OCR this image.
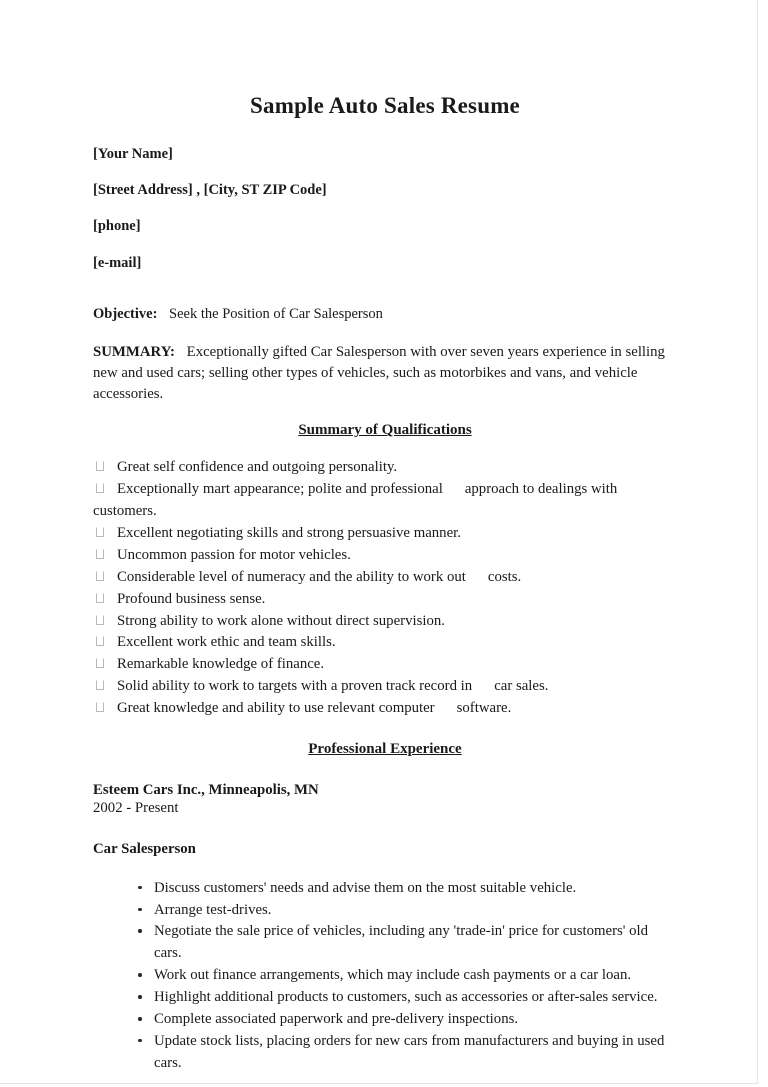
Sample Auto Sales Resume
[Your Name]
[Street Address] , [City, ST ZIP Code]
[phone]
[e-mail]
Objective: Seek the Position of Car Salesperson
SUMMARY: Exceptionally gifted Car Salesperson with over seven years experience in selling new and used cars; selling other types of vehicles, such as motorbikes and vans, and vehicle accessories.
Summary of Qualifications
Great self confidence and outgoing personality.
Exceptionally mart appearance; polite and professional approach to dealings with
customers.
Excellent negotiating skills and strong persuasive manner.
Uncommon passion for motor vehicles.
Considerable level of numeracy and the ability to work out costs.
Profound business sense.
Strong ability to work alone without direct supervision.
Excellent work ethic and team skills.
Remarkable knowledge of finance.
Solid ability to work to targets with a proven track record in car sales.
Great knowledge and ability to use relevant computer software.
Professional Experience
Esteem Cars Inc., Minneapolis, MN
2002 - Present
Car Salesperson
Discuss customers' needs and advise them on the most suitable vehicle.
Arrange test-drives.
Negotiate the sale price of vehicles, including any 'trade-in' price for customers' old cars.
Work out finance arrangements, which may include cash payments or a car loan.
Highlight additional products to customers, such as accessories or after-sales service.
Complete associated paperwork and pre-delivery inspections.
Update stock lists, placing orders for new cars from manufacturers and buying in used cars.
